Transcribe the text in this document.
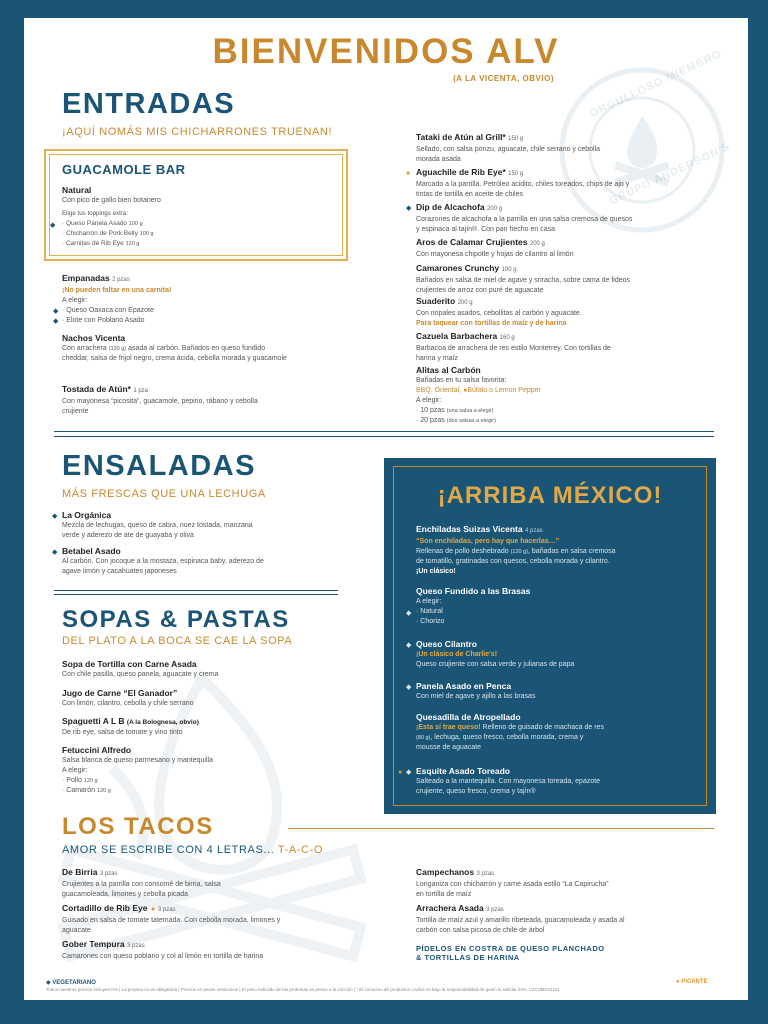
ORGULLOSO MIEMBRO
GRUPO ANDERSON'S
BIENVENIDOS ALV
(A LA VICENTA, OBVIO)
ENTRADAS
¡AQUÍ NOMÁS MIS CHICHARRONES TRUENAN!
GUACAMOLE BAR
Natural
Con pico de gallo bien botanero
Elige tus toppings extra:
· Queso Panela Asado 100 g
· Chicharrón de Pork Belly 100 g
· Carnitas de Rib Eye 120 g
◆
Empanadas 2 pzas
¡No pueden faltar en una carnita!
A elegir:
· Queso Oaxaca con Epazote
· Elote con Poblano Asado
◆
◆
Nachos Vicenta
Con arrachera (120 g) asada al carbón. Bañados en queso fundido cheddar, salsa de frijol negro, crema ácida, cebolla morada y guacamole
Tostada de Atún* 1 pza
Con mayonesa “picosita”, guacamole, pepino, rábano y cebolla crujiente
Tataki de Atún al Grill* 150 g
Sellado, con salsa ponzu, aguacate, chile serrano y cebolla morada asada
● Aguachile de Rib Eye* 150 g
Marcado a la parrilla. Petróleo acidito, chiles toreados, chips de ajo y tintas de tortilla en aceite de chiles
◆ Dip de Alcachofa 200 g
Corazones de alcachofa a la parrilla en una salsa cremosa de quesos y espinaca al tajín®. Con pan hecho en casa
Aros de Calamar Crujientes 200 g
Con mayonesa chipotle y hojas de cilantro al limón
Camarones Crunchy 100 g
Bañados en salsa de miel de agave y sriracha, sobre cama de fideos crujientes de arroz con puré de aguacate
Suaderito 200 g
Con nopales asados, cebollitas al carbón y aguacate.
Para taquear con tortillas de maíz y de harina
Cazuela Barbachera 160 g
Barbacoa de arrachera de res estilo Monterrey. Con tortillas de harina y maíz
Alitas al Carbón
Bañadas en tu salsa favorita:
BBQ, Oriental, ●Búfalo o Lemon Pepper
A elegir:
· 10 pzas (una salsa a elegir)
· 20 pzas (dos salsas a elegir)
ENSALADAS
MÁS FRESCAS QUE UNA LECHUGA
◆ La Orgánica
Mezcla de lechugas, queso de cabra, nuez tostada, manzana verde y aderezo de ate de guayaba y oliva
◆ Betabel Asado
Al carbón. Con jocoque a la mostaza, espinaca baby, aderezo de agave limón y cacahuates japoneses
SOPAS & PASTAS
DEL PLATO A LA BOCA SE CAE LA SOPA
Sopa de Tortilla con Carne Asada
Con chile pasilla, queso panela, aguacate y crema
Jugo de Carne “El Ganador”
Con limón, cilantro, cebolla y chile serrano
Spaguetti A L B (A la Bolognesa, obvio)
De rib eye, salsa de tomate y vino tinto
Fetuccini Alfredo
Salsa blanca de queso parmesano y mantequilla
A elegir:
· Pollo 120 g
· Camarón 120 g
¡ARRIBA MÉXICO!
Enchiladas Suizas Vicenta 4 pzas
“Son enchiladas, pero hay que hacerlas…”
Rellenas de pollo deshebrado (120 g), bañadas en salsa cremosa de tomatillo, gratinadas con quesos, cebolla morada y cilantro. ¡Un clásico!
Queso Fundido a las Brasas
A elegir:
· Natural
· Chorizo
◆
◆ Queso Cilantro
¡Un clásico de Charlie's!
Queso crujiente con salsa verde y julianas de papa
◆ Panela Asado en Penca
Con miel de agave y ajillo a las brasas
Quesadilla de Atropellado
¡Esta sí trae queso! Relleno de guisado de machaca de res (80 g), lechuga, queso fresco, cebolla morada, crema y mousse de aguacate
● ◆ Esquite Asado Toreado
Salteado a la mantequilla. Con mayonesa toreada, epazote crujiente, queso fresco, crema y tajín®
LOS TACOS
AMOR SE ESCRIBE CON 4 LETRAS... T-A-C-O
De Birria 3 pzas
Crujientes a la parrilla con consomé de birria, salsa guacamoleada, limones y cebolla picada
●
Cortadillo de Rib Eye 3 pzas
Guisado en salsa de tomate tatemada. Con cebolla morada, limones y aguacate
Gober Tempura 3 pzas
Camarones con queso poblano y col al limón en tortilla de harina
Campechanos 3 pzas
Longaniza con chicharrón y carne asada estilo “La Capirucha” en tortilla de maíz
Arrachera Asada 3 pzas
Tortilla de maíz azul y amarillo ribeteada, guacamoleada y asada al carbón con salsa picosa de chile de árbol
PÍDELOS EN COSTRA DE QUESO PLANCHADO
& TORTILLAS DE HARINA
◆ VEGETARIANO	● PICANTE
Todos nuestros precios incluyen IVA | La propina no es obligatoria | Precios en pesos mexicanos | El peso indicado de las proteínas es previo a la cocción | * El consumo de productos crudos es bajo la responsabilidad de quien lo solicita SSA. LVCUMX31221
